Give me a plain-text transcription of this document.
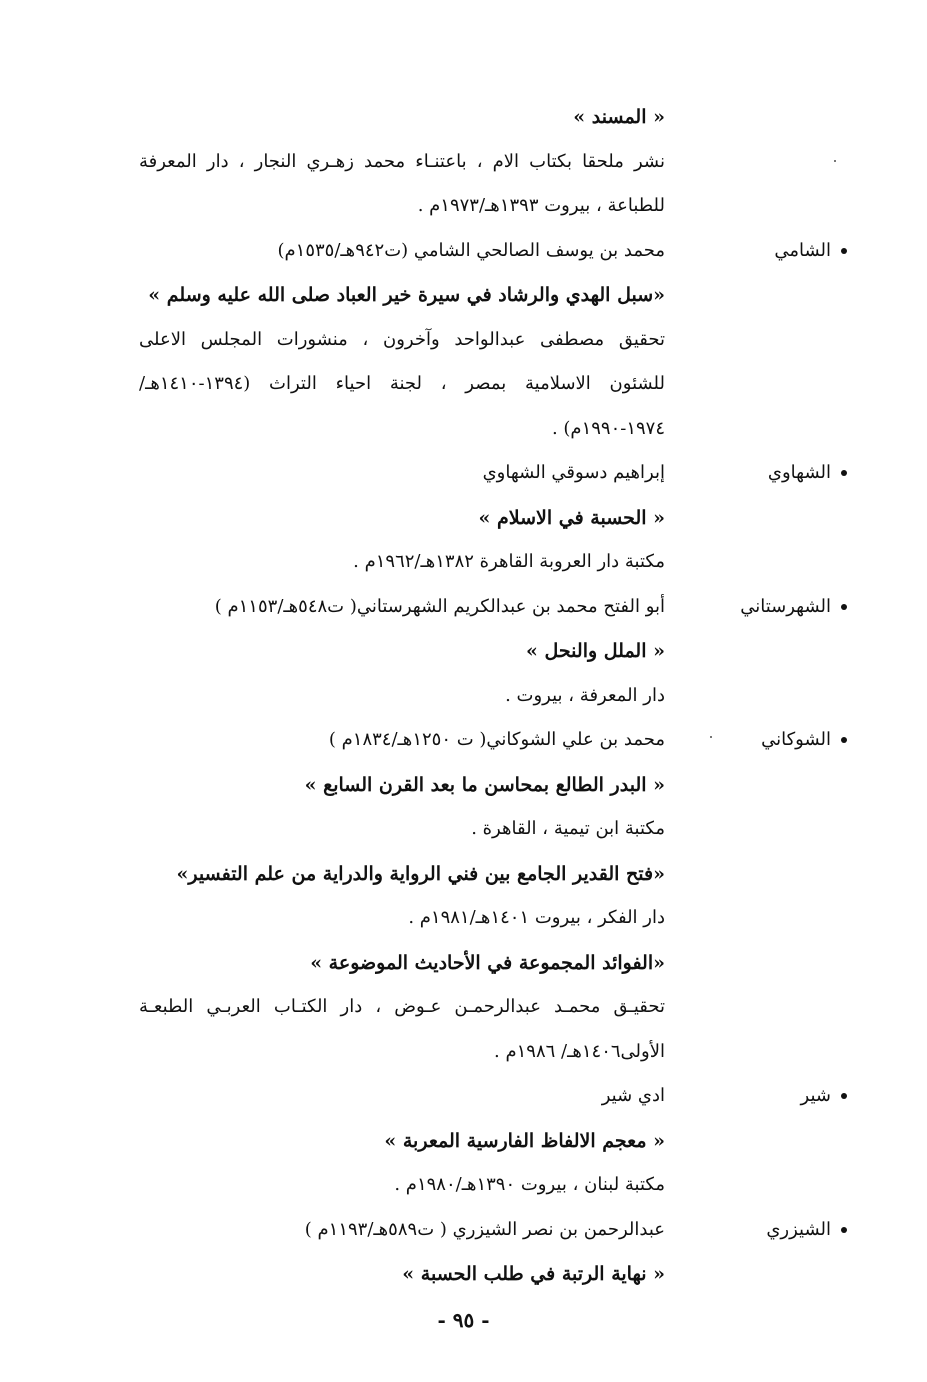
« المسند »
نشر ملحقا بكتاب الام ، باعتنـاء محمد زهـري النجار ، دار المعرفة
للطباعة ، بيروت ١٣٩٣هـ/١٩٧٣م .
الشامي
محمد بن يوسف الصالحي الشامي (ت٩٤٢هـ/١٥٣٥م)
«سبل الهدي والرشاد في سيرة خير العباد صلى الله عليه وسلم »
تحقيق مصطفى عبدالواحد وآخرون ، منشورات المجلس الاعلى
للشئون الاسلامية بمصر ، لجنة احياء التراث (١٣٩٤-١٤١٠هـ/
١٩٧٤-١٩٩٠م) .
الشهاوي
إبراهيم دسوقي الشهاوي
« الحسبة في الاسلام »
مكتبة دار العروبة القاهرة ١٣٨٢هـ/١٩٦٢م .
الشهرستاني
أبو الفتح محمد بن عبدالكريم الشهرستاني( ت٥٤٨هـ/١١٥٣م )
« الملل والنحل »
دار المعرفة ، بيروت .
الشوكاني
محمد بن علي الشوكاني( ت ١٢٥٠هـ/١٨٣٤م )
« البدر الطالع بمحاسن ما بعد القرن السابع »
مكتبة ابن تيمية ، القاهرة .
«فتح القدير الجامع بين فني الرواية والدراية من علم التفسير»
دار الفكر ، بيروت ١٤٠١هـ/١٩٨١م .
«الفوائد المجموعة في الأحاديث الموضوعة »
تحقيـق محمـد عبدالرحمـن عـوض ، دار الكتـاب العربـي الطبعـة
الأولى١٤٠٦هـ/ ١٩٨٦م .
شير
ادي شير
« معجم الالفاظ الفارسية المعربة »
مكتبة لبنان ، بيروت ١٣٩٠هـ/١٩٨٠م .
الشيزري
عبدالرحمن بن نصر الشيزري ( ت٥٨٩هـ/١١٩٣م )
« نهاية الرتبة في طلب الحسبة »
- ٩٥ -
